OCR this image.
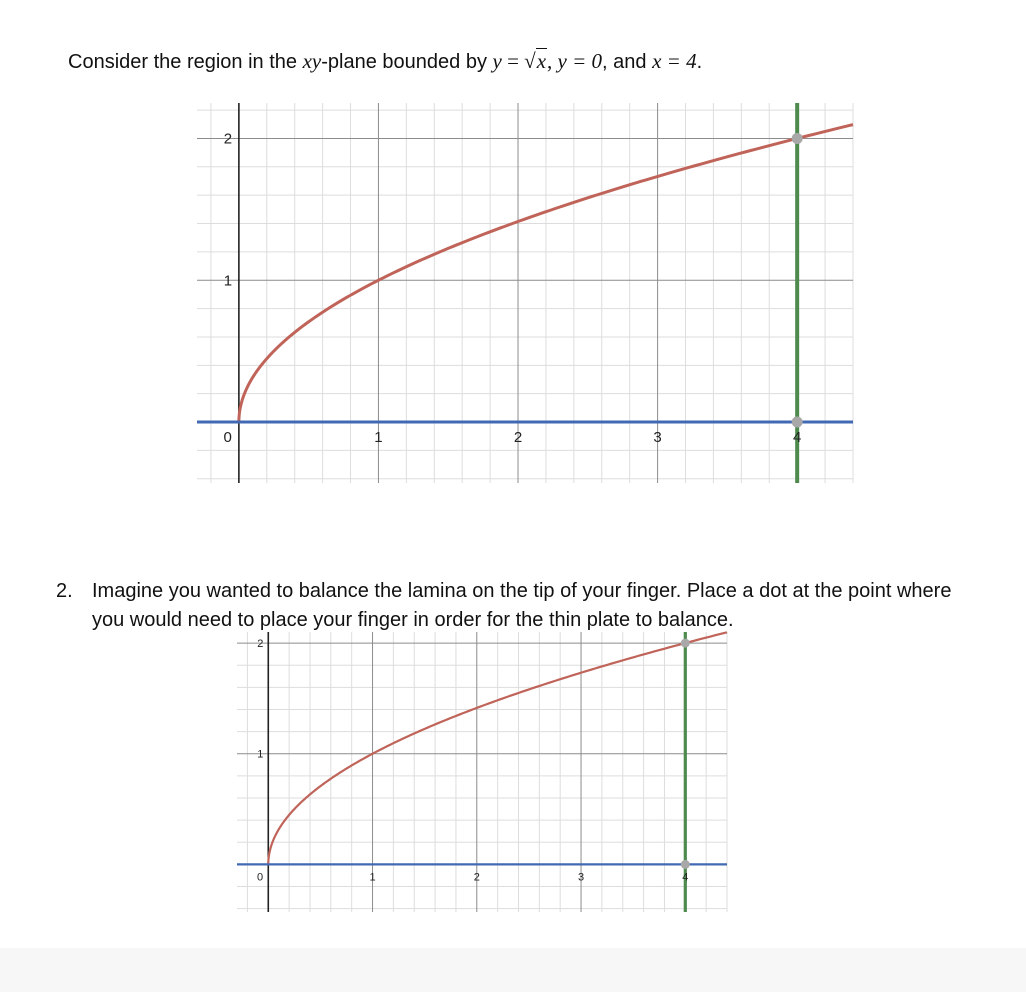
Consider the region in the xy-plane bounded by y = √x, y = 0, and x = 4.
0	1	2	3	4
2
1
2. Imagine you wanted to balance the lamina on the tip of your finger. Place a dot at the point where you would need to place your finger in order for the thin plate to balance.
0	1	2	3	4
2
1
